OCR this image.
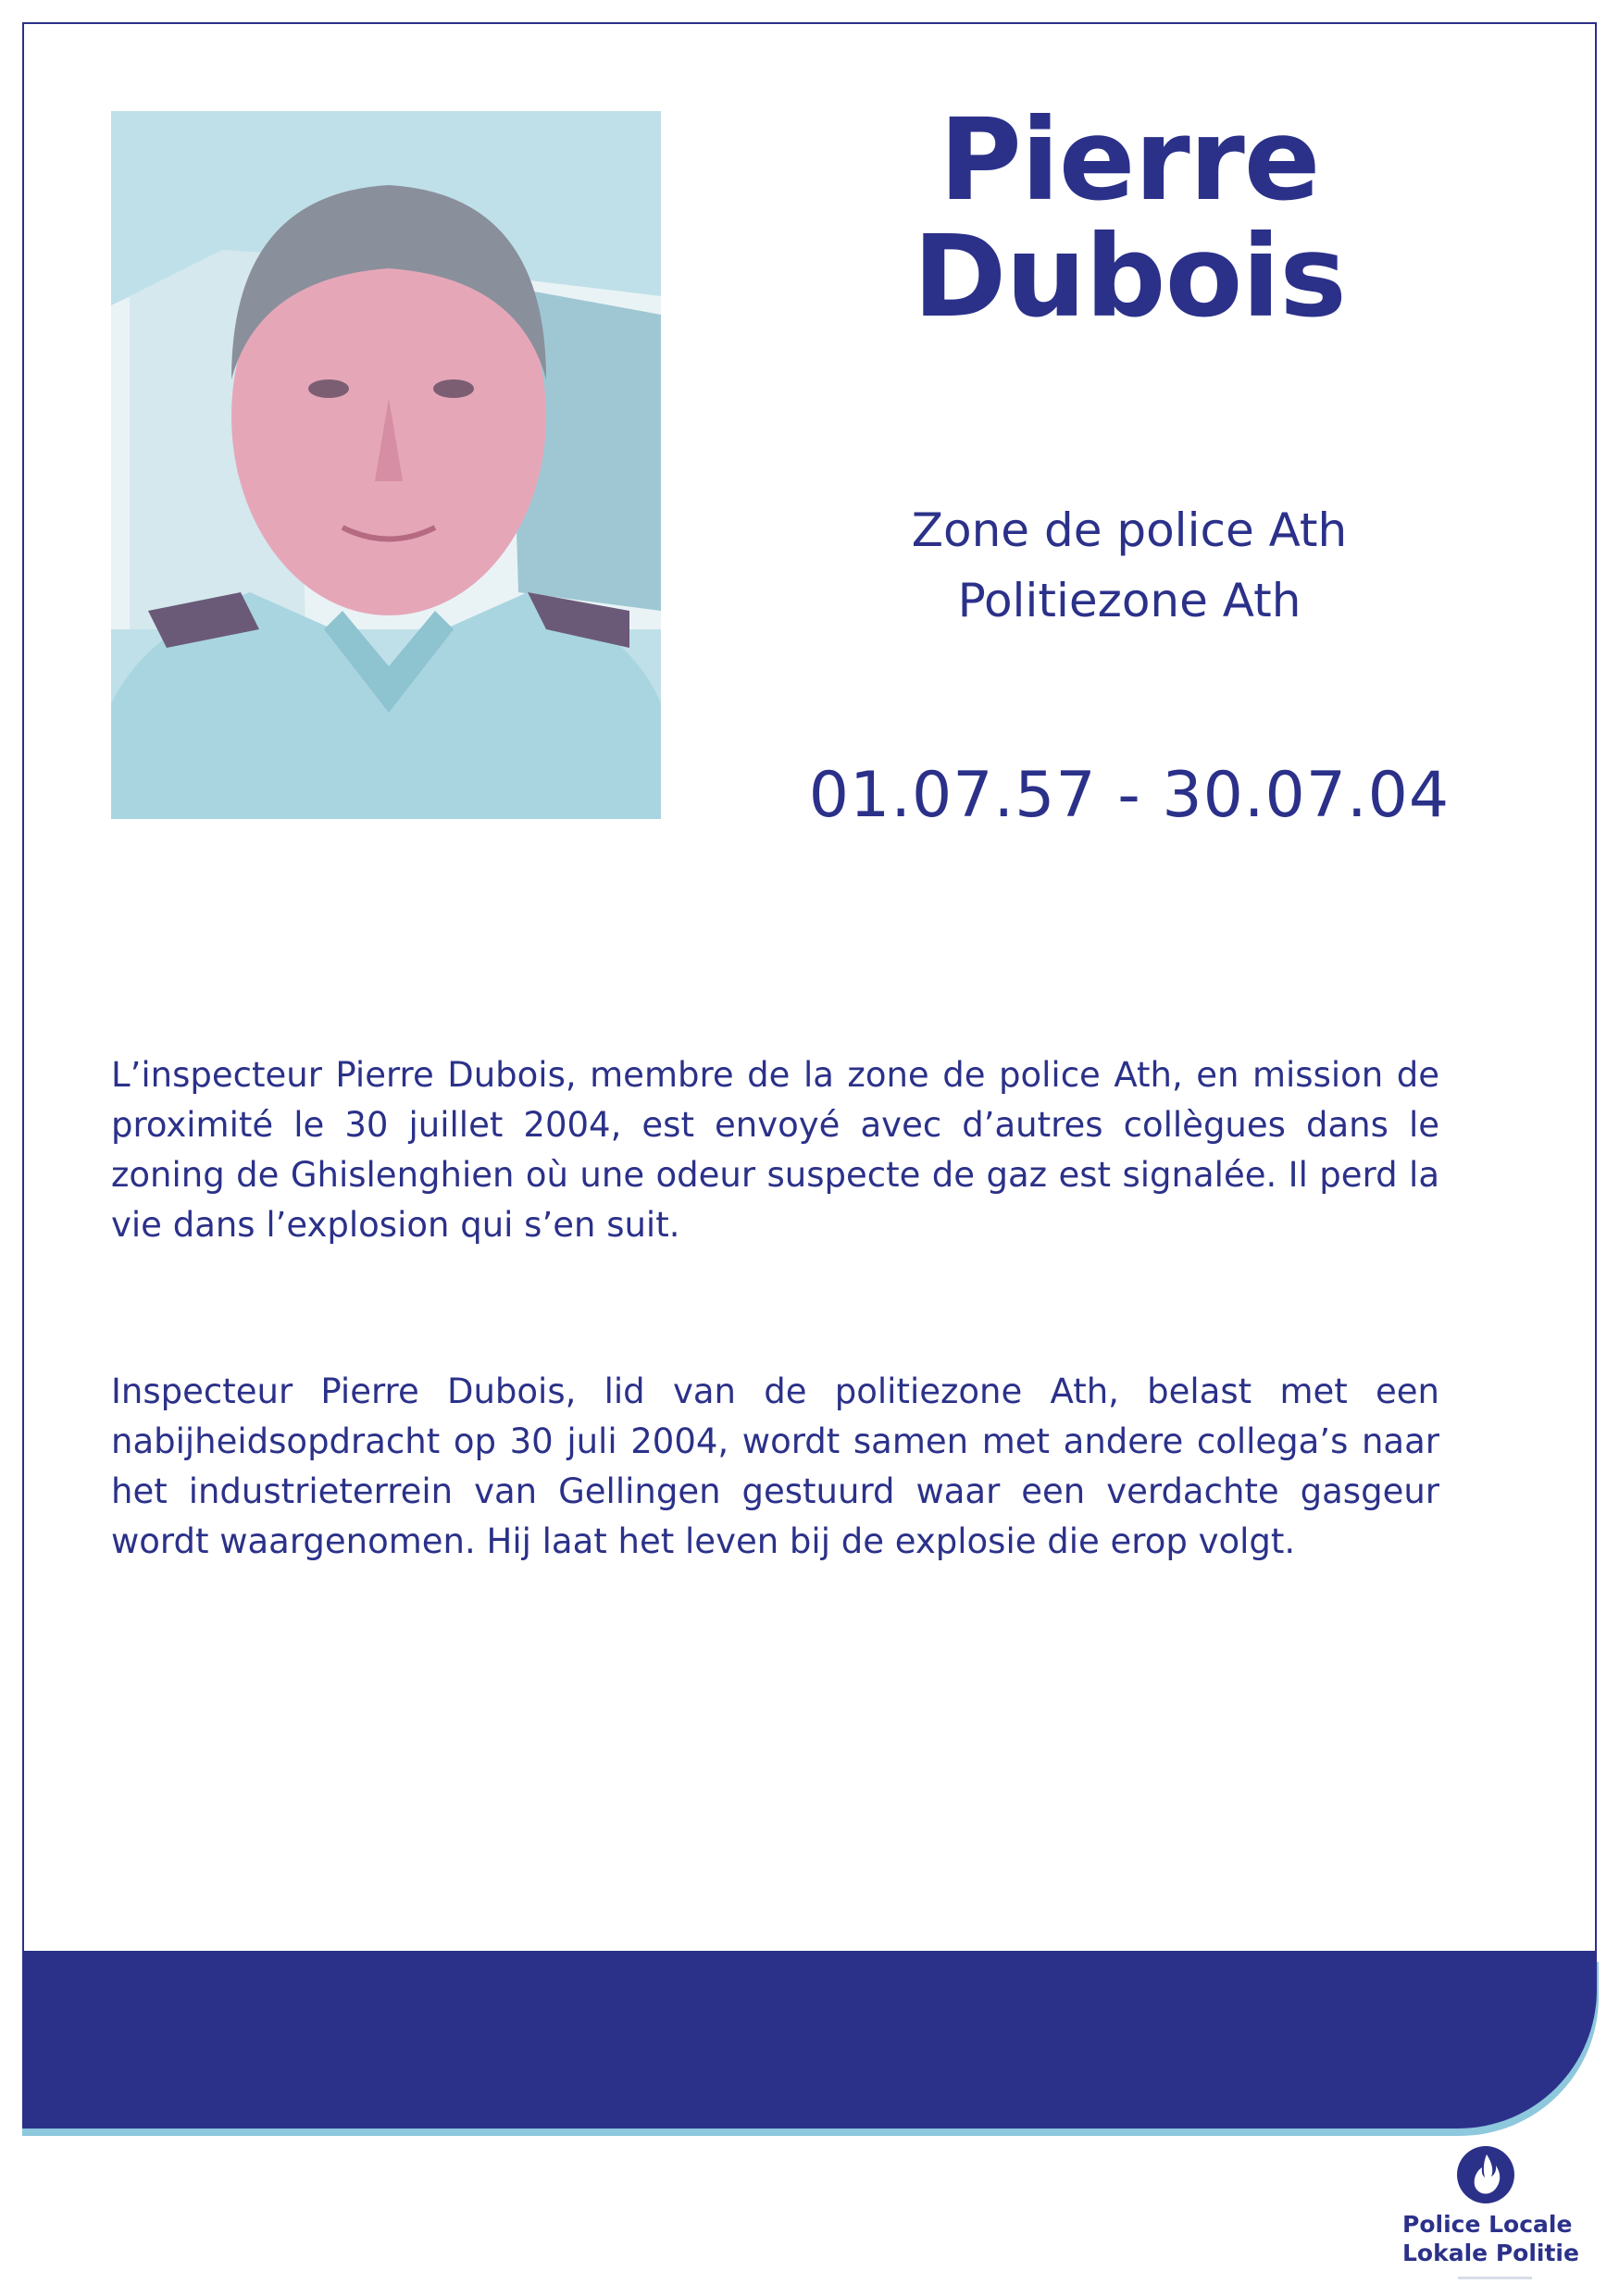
Pierre
Dubois
Zone de police Ath
Politiezone Ath
01.07.57 - 30.07.04
L’inspecteur Pierre Dubois, membre de la zone de police Ath, en mission de proximité le 30 juillet 2004, est envoyé avec d’autres collègues dans le zoning de Ghislenghien où une odeur suspecte de gaz est signalée. Il perd la vie dans l’explosion qui s’en suit.
Inspecteur Pierre Dubois, lid van de politiezone Ath, belast met een nabijheidsopdracht op 30 juli 2004, wordt samen met andere collega’s naar het industrieterrein van Gellingen gestuurd waar een verdachte gasgeur wordt waargenomen. Hij laat het leven bij de explosie die erop volgt.
Police Locale
Lokale Politie
